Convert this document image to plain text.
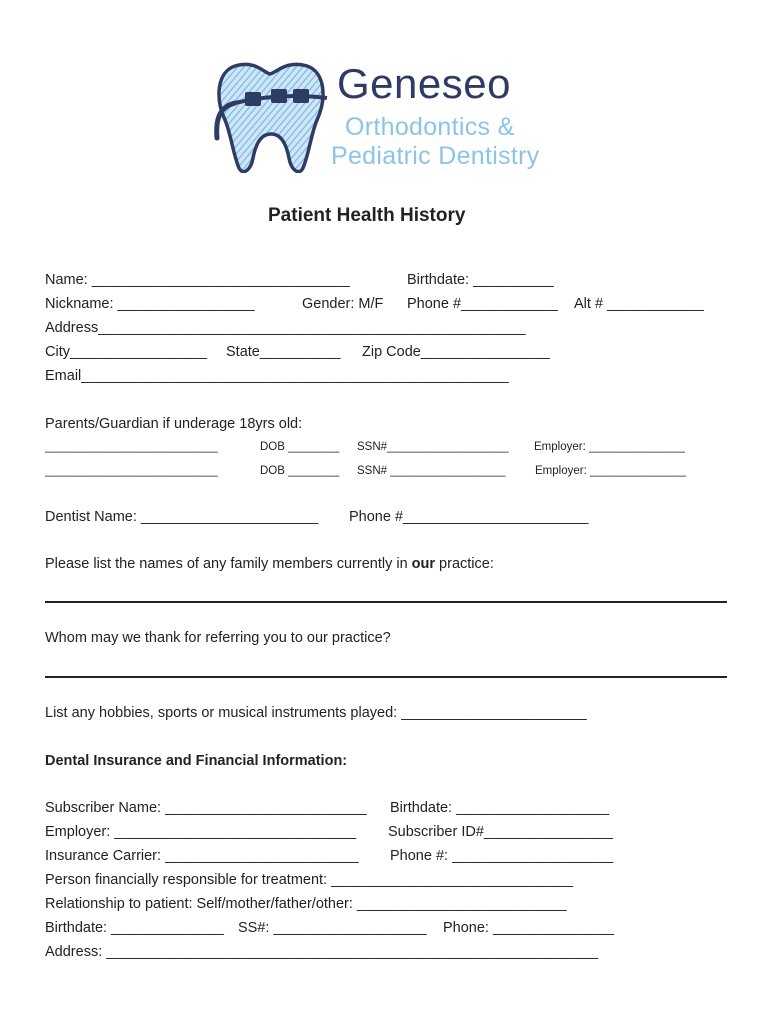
Geneseo
Orthodontics &
Pediatric Dentistry
Patient Health History
Name: ________________________________	Birthdate: __________
Nickname: _________________	Gender: M/F Phone #____________ Alt # ____________
Address_____________________________________________________
City_________________ State__________ Zip Code________________
Email_____________________________________________________
Parents/Guardian if underage 18yrs old:
___________________________	DOB ________ SSN#___________________ Employer: _______________
___________________________	DOB ________ SSN# __________________	Employer: _______________
Dentist Name: ______________________ Phone #_______________________
Please list the names of any family members currently in our practice:
Whom may we thank for referring you to our practice?
List any hobbies, sports or musical instruments played: _______________________
Dental Insurance and Financial Information:
Subscriber Name: _________________________ Birthdate: ___________________
Employer: ______________________________ Subscriber ID#________________
Insurance Carrier: ________________________ Phone #: ____________________
Person financially responsible for treatment: ______________________________
Relationship to patient: Self/mother/father/other: __________________________
Birthdate: ______________ SS#: ___________________ Phone: _______________
Address: _____________________________________________________________
